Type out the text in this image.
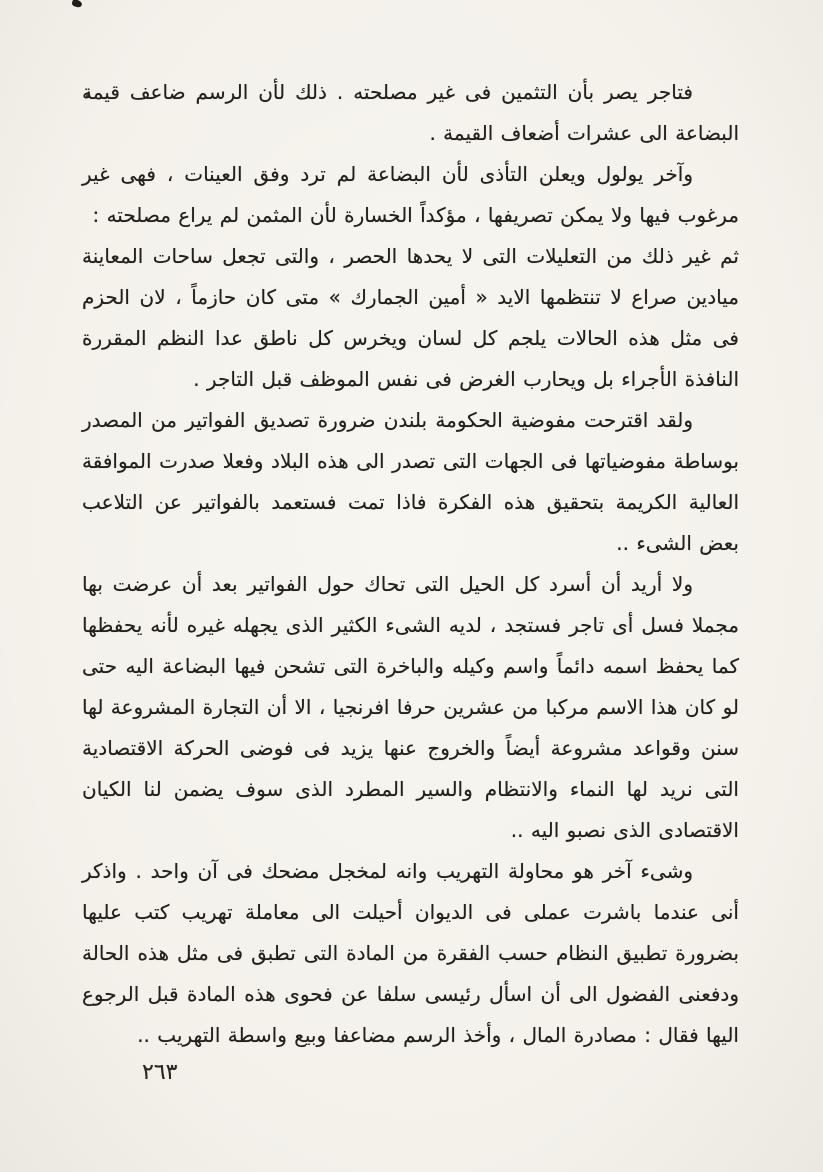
فتاجر يصر بأن التثمين فى غير مصلحته . ذلك لأن الرسم ضاعف قيمة البضاعة الى عشرات أضعاف القيمة .

وآخر يولول ويعلن التأذى لأن البضاعة لم ترد وفق العينات ، فهى غير مرغوب فيها ولا يمكن تصريفها ، مؤكداً الخسارة لأن المثمن لم يراع مصلحته :

ثم غير ذلك من التعليلات التى لا يحدها الحصر ، والتى تجعل ساحات المعاينة ميادين صراع لا تنتظمها الايد « أمين الجمارك » متى كان حازماً ، لان الحزم فى مثل هذه الحالات يلجم كل لسان ويخرس كل ناطق عدا النظم المقررة النافذة الأجراء بل ويحارب الغرض فى نفس الموظف قبل التاجر .

ولقد اقترحت مفوضية الحكومة بلندن ضرورة تصديق الفواتير من المصدر بوساطة مفوضياتها فى الجهات التى تصدر الى هذه البلاد وفعلا صدرت الموافقة العالية الكريمة بتحقيق هذه الفكرة فاذا تمت فستعمد بالفواتير عن التلاعب بعض الشىء ..

ولا أريد أن أسرد كل الحيل التى تحاك حول الفواتير بعد أن عرضت بها مجملا فسل أى تاجر فستجد ، لديه الشىء الكثير الذى يجهله غيره لأنه يحفظها كما يحفظ اسمه دائماً واسم وكيله والباخرة التى تشحن فيها البضاعة اليه حتى لو كان هذا الاسم مركبا من عشرين حرفا افرنجيا ، الا أن التجارة المشروعة لها سنن وقواعد مشروعة أيضاً والخروج عنها يزيد فى فوضى الحركة الاقتصادية التى نريد لها النماء والانتظام والسير المطرد الذى سوف يضمن لنا الكيان الاقتصادى الذى نصبو اليه ..

وشىء آخر هو محاولة التهريب وانه لمخجل مضحك فى آن واحد . واذكر أنى عندما باشرت عملى فى الديوان أحيلت الى معاملة تهريب كتب عليها بضرورة تطبيق النظام حسب الفقرة من المادة التى تطبق فى مثل هذه الحالة ودفعنى الفضول الى أن اسأل رئيسى سلفا عن فحوى هذه المادة قبل الرجوع اليها فقال : مصادرة المال ، وأخذ الرسم مضاعفا وبيع واسطة التهريب ..

٢٦٣
